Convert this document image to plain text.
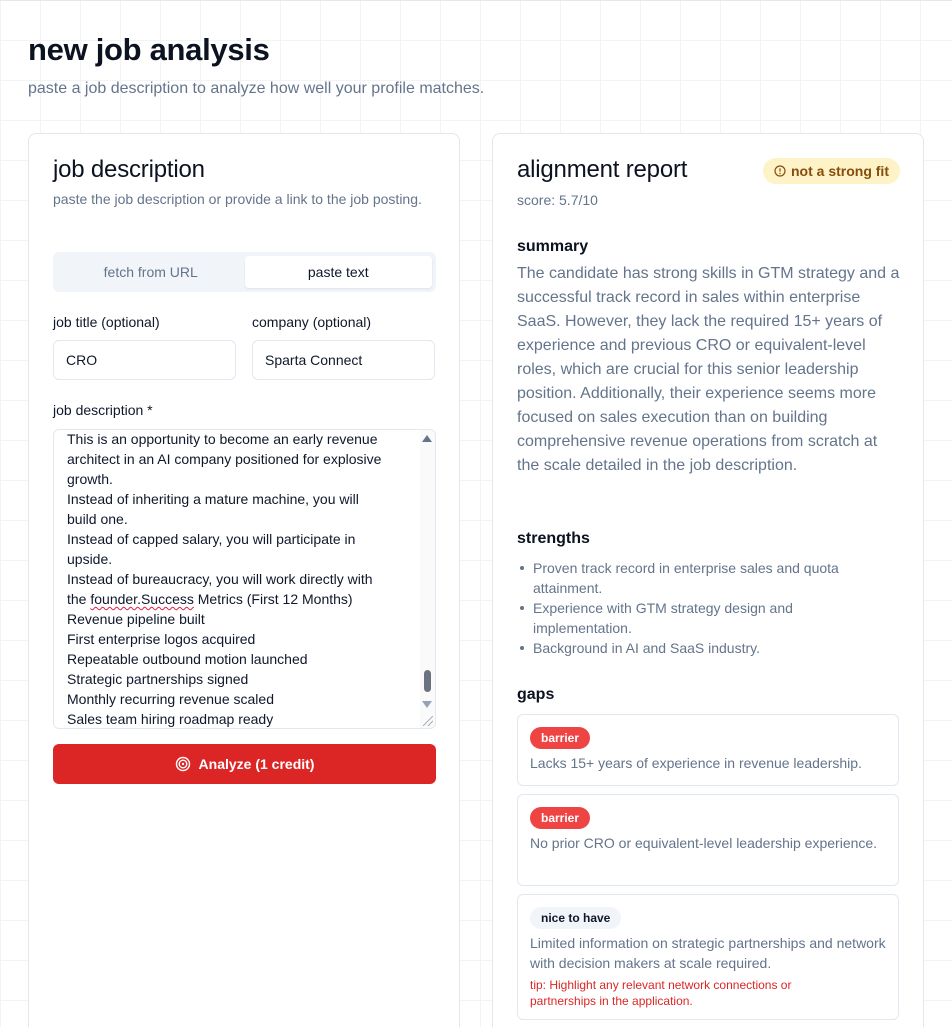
new job analysis

paste a job description to analyze how well your profile matches.

job description

paste the job description or provide a link to the job posting.

fetch from URL	paste text
job title (optional)
CRO
company (optional)
Sparta Connect
job description *
This is an opportunity to become an early revenue
architect in an AI company positioned for explosive
growth.
Instead of inheriting a mature machine, you will
build one.
Instead of capped salary, you will participate in
upside.
Instead of bureaucracy, you will work directly with
the founder.Success Metrics (First 12 Months)
Revenue pipeline built
First enterprise logos acquired
Repeatable outbound motion launched
Strategic partnerships signed
Monthly recurring revenue scaled
Sales team hiring roadmap ready
Analyze (1 credit)
alignment report	not a strong fit
score: 5.7/10
summary

The candidate has strong skills in GTM strategy and a successful track record in sales within enterprise SaaS. However, they lack the required 15+ years of experience and previous CRO or equivalent-level roles, which are crucial for this senior leadership position. Additionally, their experience seems more focused on sales execution than on building comprehensive revenue operations from scratch at the scale detailed in the job description.

strengths
Proven track record in enterprise sales and quota attainment.
Experience with GTM strategy design and implementation.
Background in AI and SaaS industry.
gaps
barrier

Lacks 15+ years of experience in revenue leadership.

barrier

No prior CRO or equivalent-level leadership experience.

nice to have

Limited information on strategic partnerships and network with decision makers at scale required.

tip: Highlight any relevant network connections or partnerships in the application.
